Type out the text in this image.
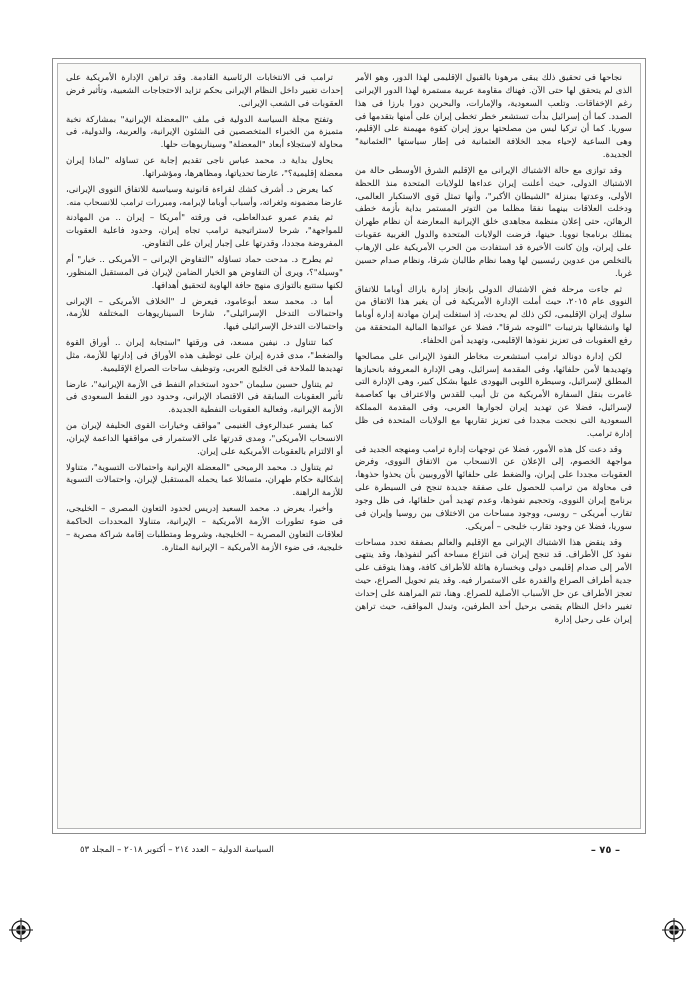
نجاحها فى تحقيق ذلك يبقى مرهونا بالقبول الإقليمى لهذا الدور، وهو الأمر الذى لم يتحقق لها حتى الآن. فهناك مقاومة عربية مستمرة لهذا الدور الإيرانى رغم الإخفاقات. وتلعب السعودية، والإمارات، والبحرين دورا بارزا فى هذا الصدد. كما أن إسرائيل بدأت تستشعر خطر تخطى إيران على أمنها بتقدمها فى سوريا. كما أن تركيا ليس من مصلحتها بروز إيران كقوة مهيمنة على الإقليم، وهى الساعية لإحياء مجد الخلافة العثمانية فى إطار سياستها "العثمانية" الجديدة.

وقد توازى مع حالة الاشتباك الإيرانى مع الإقليم الشرق الأوسطى حالة من الاشتباك الدولى، حيث أعلنت إيران عداءها للولايات المتحدة منذ اللحظة الأولى، وعدتها بمنزلة "الشيطان الأكبر"، وأنها تمثل قوى الاستكبار العالمى، ودخلت العلاقات بينهما نفقا مظلما من التوتر المستمر بداية بأزمة خطف الرهائن، حتى إعلان منظمة مجاهدى خلق الإيرانية المعارضة أن نظام طهران يمتلك برنامجا نوويا. حينها، فرضت الولايات المتحدة والدول الغربية عقوبات على إيران، وإن كانت الأخيرة قد استفادت من الحرب الأمريكية على الإرهاب بالتخلص من عدوين رئيسيين لها وهما نظام طالبان شرقا، ونظام صدام حسين غربا.

ثم جاءت مرحلة فض الاشتباك الدولى بإنجاز إدارة باراك أوباما للاتفاق النووى عام ٢٠١٥، حيث أملت الإدارة الأمريكية فى أن يغير هذا الاتفاق من سلوك إيران الإقليمى، لكن ذلك لم يحدث، إذ استغلت إيران مهادنة إدارة أوباما لها وانشغالها بترتيبات "التوجه شرقا"، فضلا عن عوائدها المالية المتحققة من رفع العقوبات فى تعزيز نفوذها الإقليمى، وتهديد أمن الحلفاء.

لكن إدارة دونالد ترامب استشعرت مخاطر النفوذ الإيرانى على مصالحها وتهديدها لأمن حلفائها، وفى المقدمة إسرائيل، وهى الإدارة المعروفة بانحيازها المطلق لإسرائيل، وسيطرة اللوبى اليهودى عليها بشكل كبير، وهى الإدارة التى غامرت بنقل السفارة الأمريكية من تل أبيب للقدس والاعتراف بها كعاصمة لإسرائيل، فضلا عن تهديد إيران لجوارها العربى، وفى المقدمة المملكة السعودية التى نجحت مجددا فى تعزيز تقاربها مع الولايات المتحدة فى ظل إدارة ترامب.

وقد دعت كل هذه الأمور، فضلا عن توجهات إدارة ترامب ومنهجه الجديد فى مواجهة الخصوم، إلى الإعلان عن الانسحاب من الاتفاق النووى، وفرض العقوبات مجددا على إيران، والضغط على حلفائها الأوروبيين بأن يحذوا حذوها، فى محاولة من ترامب للحصول على صفقة جديدة تنجح فى السيطرة على برنامج إيران النووى، وتحجيم نفوذها، وعدم تهديد أمن حلفائها، فى ظل وجود تقارب أمريكى – روسى، ووجود مساحات من الاختلاف بين روسيا وإيران فى سوريا، فضلا عن وجود تقارب خليجى – أمريكى.

وقد ينقض هذا الاشتباك الإيرانى مع الإقليم والعالم بصفقة تحدد مساحات نفوذ كل الأطراف. قد تنجح إيران فى انتزاع مساحة أكبر لنفوذها، وقد ينتهى الأمر إلى صدام إقليمى دولى وبخسارة هائلة للأطراف كافة، وهذا يتوقف على جدية أطراف الصراع والقدرة على الاستمرار فيه. وقد يتم تحويل الصراع، حيث تعجز الأطراف عن حل الأسباب الأصلية للصراع. وهنا، تتم المراهنة على إحداث تغيير داخل النظام يقضى برحيل أحد الطرفين، وتبدل المواقف، حيث تراهن إيران على رحيل إدارة

ترامب فى الانتخابات الرئاسية القادمة. وقد تراهن الإدارة الأمريكية على إحداث تغيير داخل النظام الإيرانى بحكم تزايد الاحتجاجات الشعبية، وتأثير فرض العقوبات فى الشعب الإيرانى.

وتفتح مجلة السياسة الدولية فى ملف "المعضلة الإيرانية" بمشاركة نخبة متميزة من الخبراء المتخصصين فى الشئون الإيرانية، والعربية، والدولية، فى محاولة لاستجلاء أبعاد "المعضلة" وسيناريوهات حلها.

يحاول بداية د. محمد عباس ناجى تقديم إجابة عن تساؤله "لماذا إيران معضلة إقليمية؟"، عارضا تحدياتها، ومظاهرها، ومؤشراتها.

كما يعرض د. أشرف كشك لقراءة قانونية وسياسية للاتفاق النووى الإيرانى، عارضا مضمونه وثغراته، وأسباب أوباما لإبرامه، ومبررات ترامب للانسحاب منه.

ثم يقدم عمرو عبدالعاطى، فى ورقته "أمريكا – إيران .. من المهادنة للمواجهة"، شرحا لاستراتيجية ترامب تجاه إيران، وحدود فاعلية العقوبات المفروضة مجددا، وقدرتها على إجبار إيران على التفاوض.

ثم يطرح د. مدحت حماد تساؤله "التفاوض الإيرانى – الأمريكى .. خيار" أم "وسيلة"؟، ويرى أن التفاوض هو الخيار الضامن لإيران فى المستقبل المنظور، لكنها ستتبع بالتوازى منهج حافة الهاوية لتحقيق أهدافها.

أما د. محمد سعد أبوعامود، فيعرض لـ "الخلاف الأمريكى – الإيرانى واحتمالات التدخل الإسرائيلى"، شارحا السيناريوهات المختلفة للأزمة، واحتمالات التدخل الإسرائيلى فيها.

كما تتناول د. نيفين مسعد، فى ورقتها "استجابة إيران .. أوراق القوة والضغط"، مدى قدرة إيران على توظيف هذه الأوراق فى إدارتها للأزمة، مثل تهديدها للملاحة فى الخليج العربى، وتوظيف ساحات الصراع الإقليمية.

ثم يتناول حسين سليمان "حدود استخدام النفط فى الأزمة الإيرانية"، عارضا تأثير العقوبات السابقة فى الاقتصاد الإيرانى، وحدود دور النفط السعودى فى الأزمة الإيرانية، وفعالية العقوبات النفطية الجديدة.

كما يفسر عبدالرءوف الغنيمى "مواقف وخيارات القوى الحليفة لإيران من الانسحاب الأمريكى"، ومدى قدرتها على الاستمرار فى مواقفها الداعمة لإيران، أو الالتزام بالعقوبات الأمريكية على إيران.

ثم يتناول د. محمد الرميحى "المعضلة الإيرانية واحتمالات التسوية"، متناولا إشكالية حكام طهران، متسائلا عما يحمله المستقبل لإيران، واحتمالات التسوية للأزمة الراهنة.

وأخيرا، يعرض د. محمد السعيد إدريس لحدود التعاون المصرى – الخليجى، فى ضوء تطورات الأزمة الأمريكية – الإيرانية، متناولا المحددات الحاكمة لعلاقات التعاون المصرية – الخليجية، وشروط ومتطلبات إقامة شراكة مصرية – خليجية، فى ضوء الأزمة الأمريكية – الإيرانية المثارة.

السياسة الدولية – العدد ٢١٤ – أكتوبر ٢٠١٨ – المجلد ٥٣	– ٧٥ –
